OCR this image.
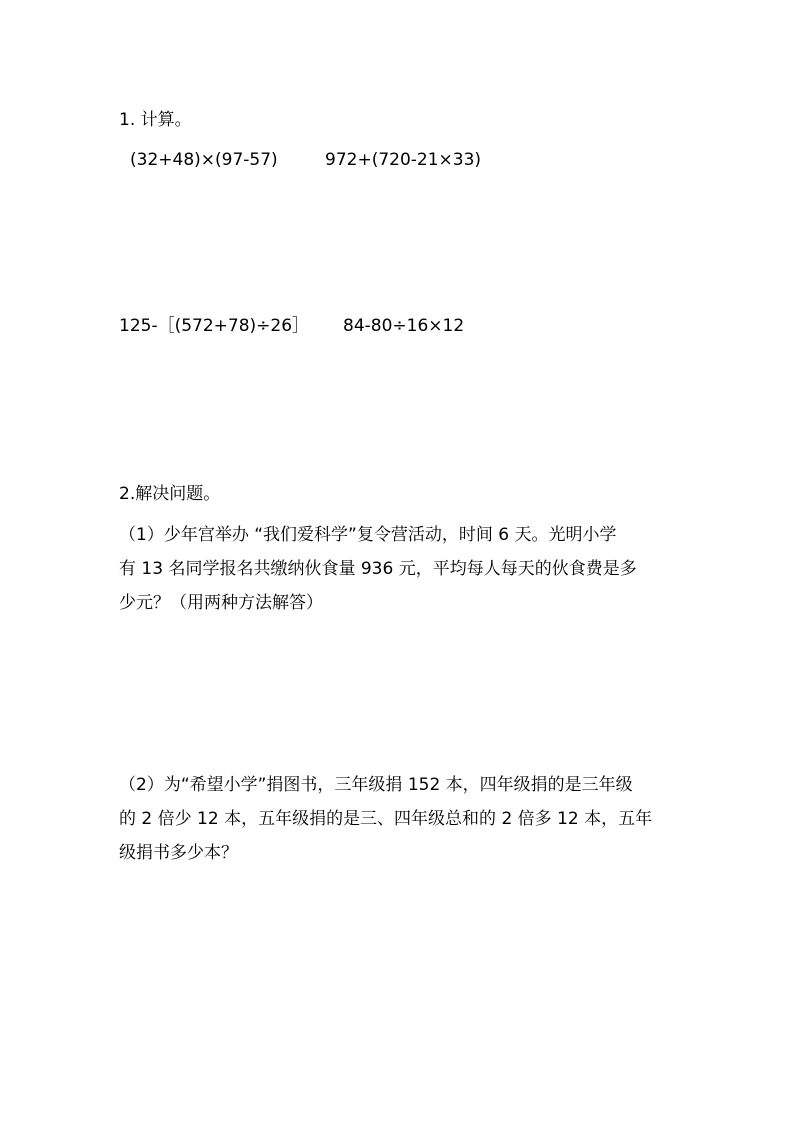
1. 计算。
(32+48)×(97-57)	972+(720-21×33)
125-［(572+78)÷26］ 84-80÷16×12
2.解决问题。
（1）少年宫举办 “我们爱科学”复令营活动，时间 6 天。光明小学
有 13 名同学报名共缴纳伙食量 936 元，平均每人每天的伙食费是多
少元？（用两种方法解答）
（2）为“希望小学”捐图书，三年级捐 152 本，四年级捐的是三年级
的 2 倍少 12 本，五年级捐的是三、四年级总和的 2 倍多 12 本，五年
级捐书多少本？
